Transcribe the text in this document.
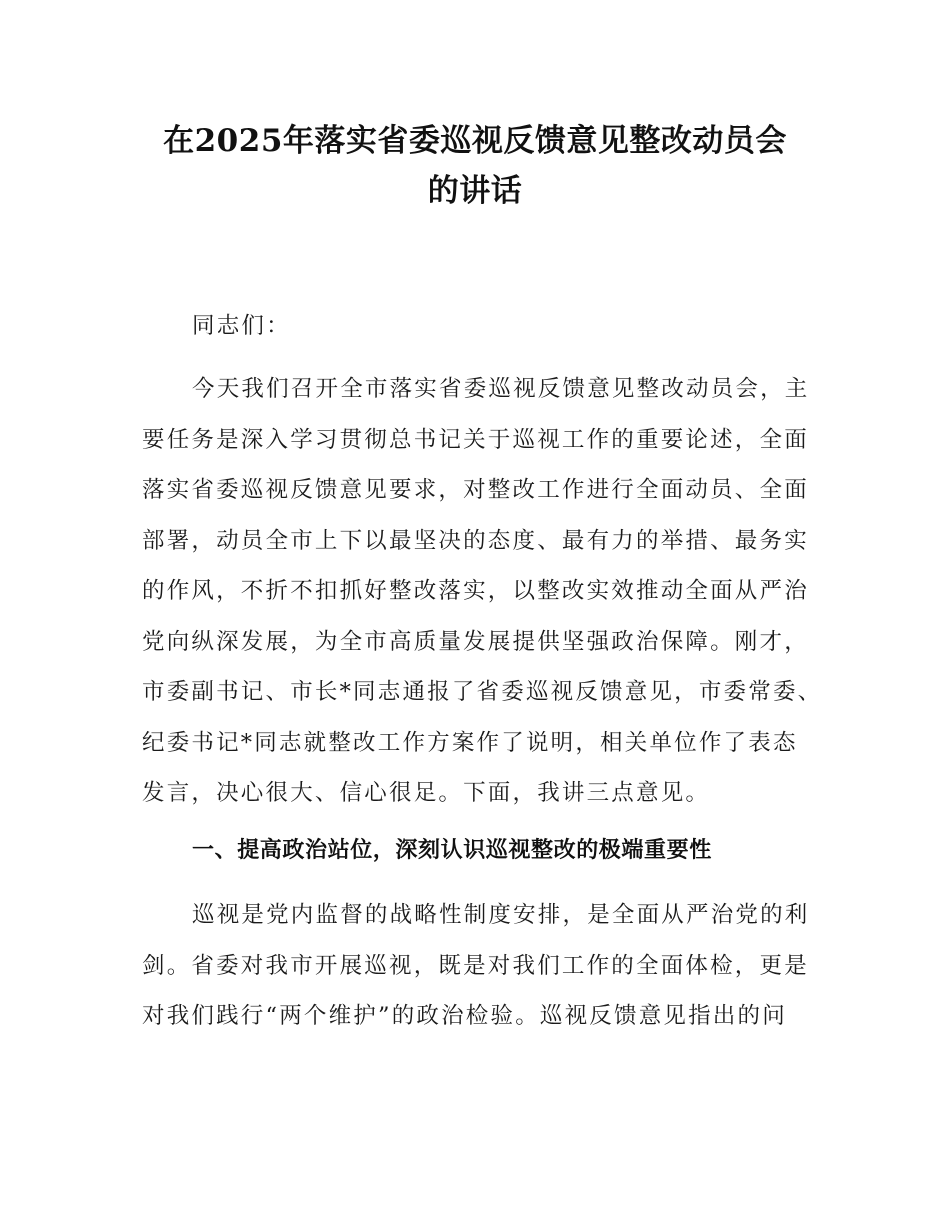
在2025年落实省委巡视反馈意见整改动员会
的讲话

同志们：

今天我们召开全市落实省委巡视反馈意见整改动员会，主
要任务是深入学习贯彻总书记关于巡视工作的重要论述，全面
落实省委巡视反馈意见要求，对整改工作进行全面动员、全面
部署，动员全市上下以最坚决的态度、最有力的举措、最务实
的作风，不折不扣抓好整改落实，以整改实效推动全面从严治
党向纵深发展，为全市高质量发展提供坚强政治保障。刚才，
市委副书记、市长*同志通报了省委巡视反馈意见，市委常委、
纪委书记*同志就整改工作方案作了说明，相关单位作了表态
发言，决心很大、信心很足。下面，我讲三点意见。

一、提高政治站位，深刻认识巡视整改的极端重要性

巡视是党内监督的战略性制度安排，是全面从严治党的利
剑。省委对我市开展巡视，既是对我们工作的全面体检，更是
对我们践行“两个维护”的政治检验。巡视反馈意见指出的问
